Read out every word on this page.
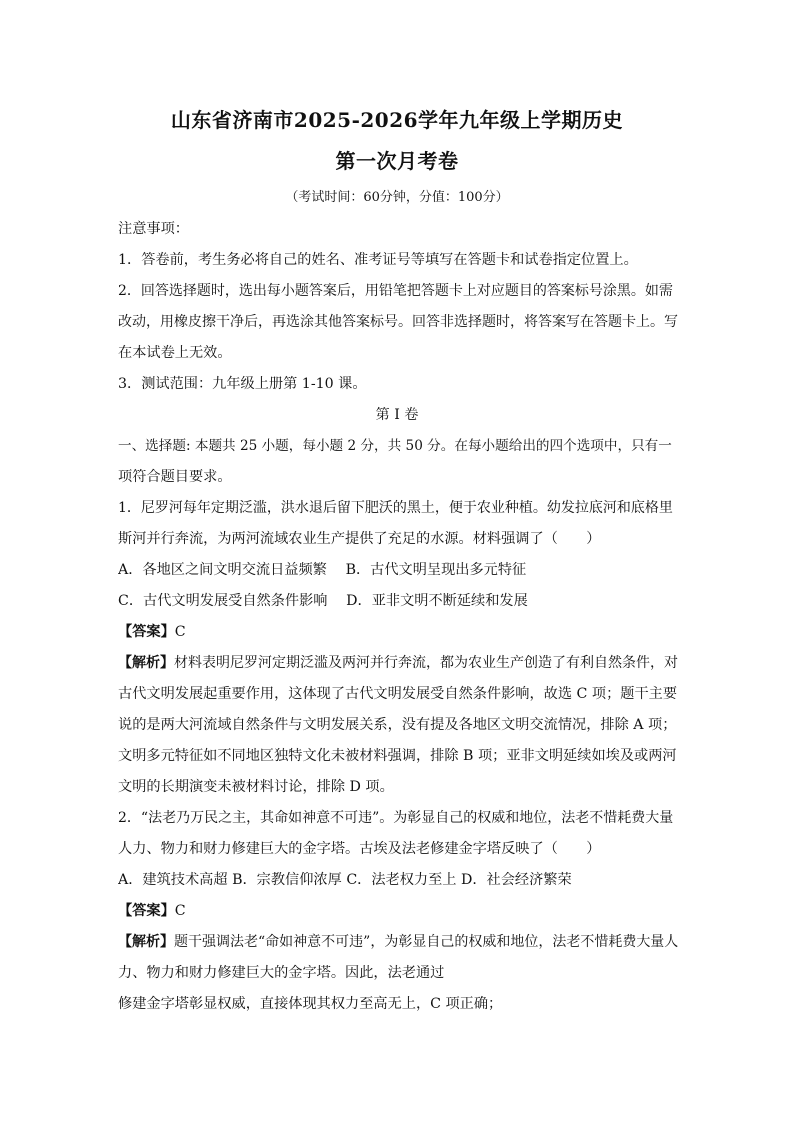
山东省济南市2025-2026学年九年级上学期历史
第一次月考卷
（考试时间：60分钟，分值：100分）
注意事项：
1．答卷前，考生务必将自己的姓名、准考证号等填写在答题卡和试卷指定位置上。
2．回答选择题时，选出每小题答案后，用铅笔把答题卡上对应题目的答案标号涂黑。如需
改动，用橡皮擦干净后，再选涂其他答案标号。回答非选择题时，将答案写在答题卡上。写
在本试卷上无效。
3．测试范围：九年级上册第 1-10 课。
第 I 卷
一、选择题: 本题共 25 小题，每小题 2 分，共 50 分。在每小题给出的四个选项中，只有一
项符合题目要求。
1．尼罗河每年定期泛滥，洪水退后留下肥沃的黑土，便于农业种植。幼发拉底河和底格里
斯河并行奔流，为两河流域农业生产提供了充足的水源。材料强调了（　　）
A．各地区之间文明交流日益频繁　 B．古代文明呈现出多元特征
C．古代文明发展受自然条件影响　 D．亚非文明不断延续和发展
【答案】C
【解析】材料表明尼罗河定期泛滥及两河并行奔流，都为农业生产创造了有利自然条件，对
古代文明发展起重要作用，这体现了古代文明发展受自然条件影响，故选 C 项；题干主要
说的是两大河流域自然条件与文明发展关系，没有提及各地区文明交流情况，排除 A 项；
文明多元特征如不同地区独特文化未被材料强调，排除 B 项；亚非文明延续如埃及或两河
文明的长期演变未被材料讨论，排除 D 项。
2．“法老乃万民之主，其命如神意不可违”。为彰显自己的权威和地位，法老不惜耗费大量
人力、物力和财力修建巨大的金字塔。古埃及法老修建金字塔反映了（　　）
A．建筑技术高超 B．宗教信仰浓厚 C．法老权力至上 D．社会经济繁荣
【答案】C
【解析】题干强调法老“命如神意不可违”，为彰显自己的权威和地位，法老不惜耗费大量人
力、物力和财力修建巨大的金字塔。因此，法老通过
修建金字塔彰显权威，直接体现其权力至高无上，C 项正确；
